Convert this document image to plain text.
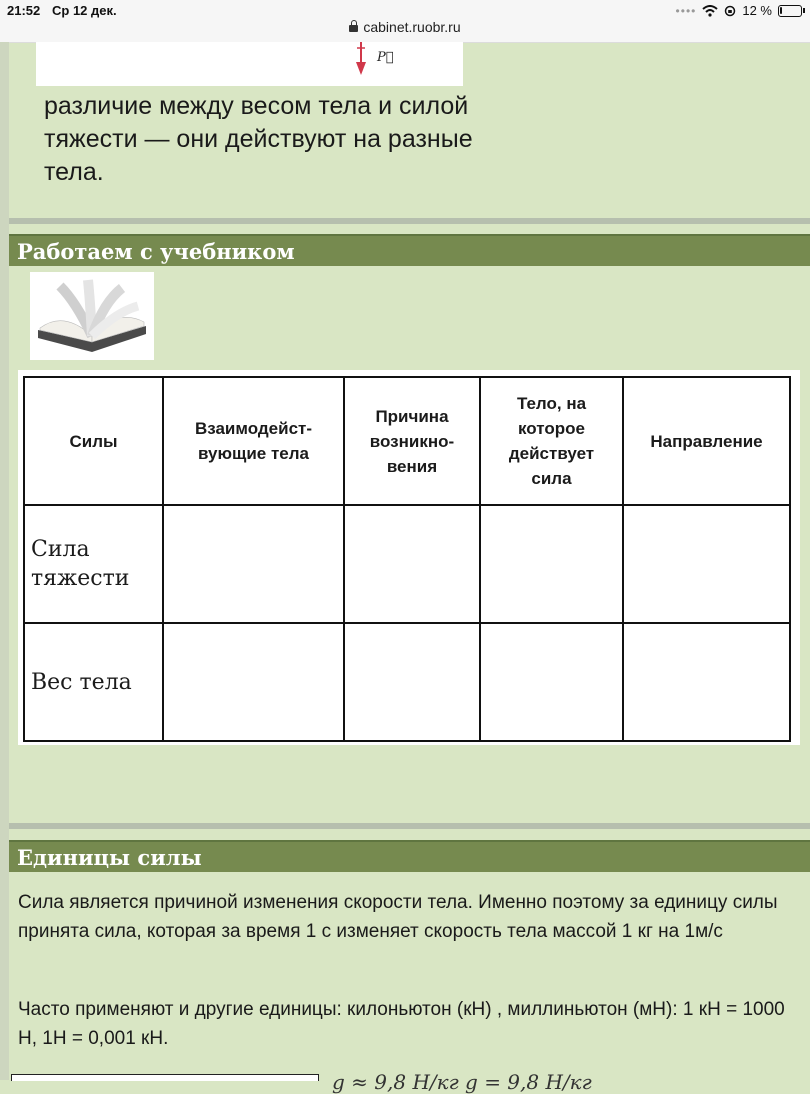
21:52 Ср 12 дек.	••••	12 %
cabinet.ruobr.ru
P⃗
различие между весом тела и силой тяжести — они действуют на разные тела.
Работаем с учебником
Силы	Взаимодейст-вующие тела	Причина возникно-вения	Тело, на которое действует сила	Направление
Сила тяжести				
Вес тела				
Единицы силы
Сила является причиной изменения скорости тела. Именно поэтому за единицу силы принята сила, которая за время 1 с изменяет скорость тела массой 1 кг на 1м/с
Часто применяют и другие единицы: килоньютон (кН) , миллиньютон (мН): 1 кН = 1000 Н, 1Н = 0,001 кН.
g ≈ 9,8 Н/кг g = 9,8 Н/кг
